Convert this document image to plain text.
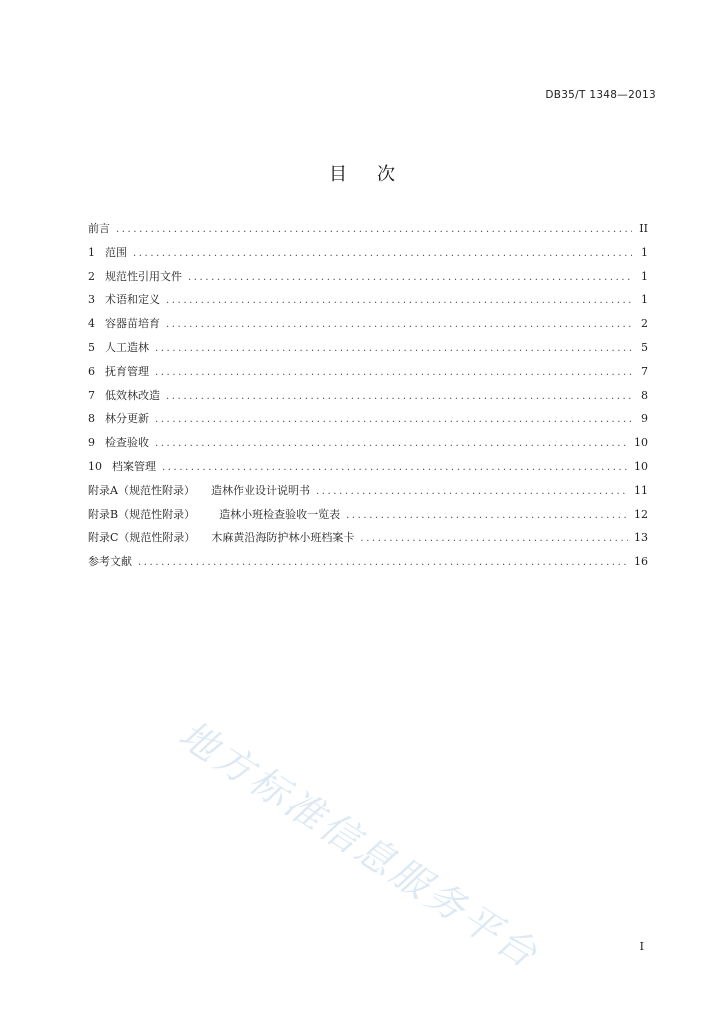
DB35/T 1348—2013
目次
前言 .....	II
1 范围 .....	1
2 规范性引用文件 .....	1
3 术语和定义 .....	1
4 容器苗培育 .....	2
5 人工造林 .....	5
6 抚育管理 .....	7
7 低效林改造 .....	8
8 林分更新 .....	9
9 检查验收 .....	10
10 档案管理 .....	10
附录A（规范性附录） 造林作业设计说明书 .....	11
附录B（规范性附录） 造林小班检查验收一览表 .....	12
附录C（规范性附录） 木麻黄沿海防护林小班档案卡 .....	13
参考文献 .....	16
地方标准信息服务平台	I
